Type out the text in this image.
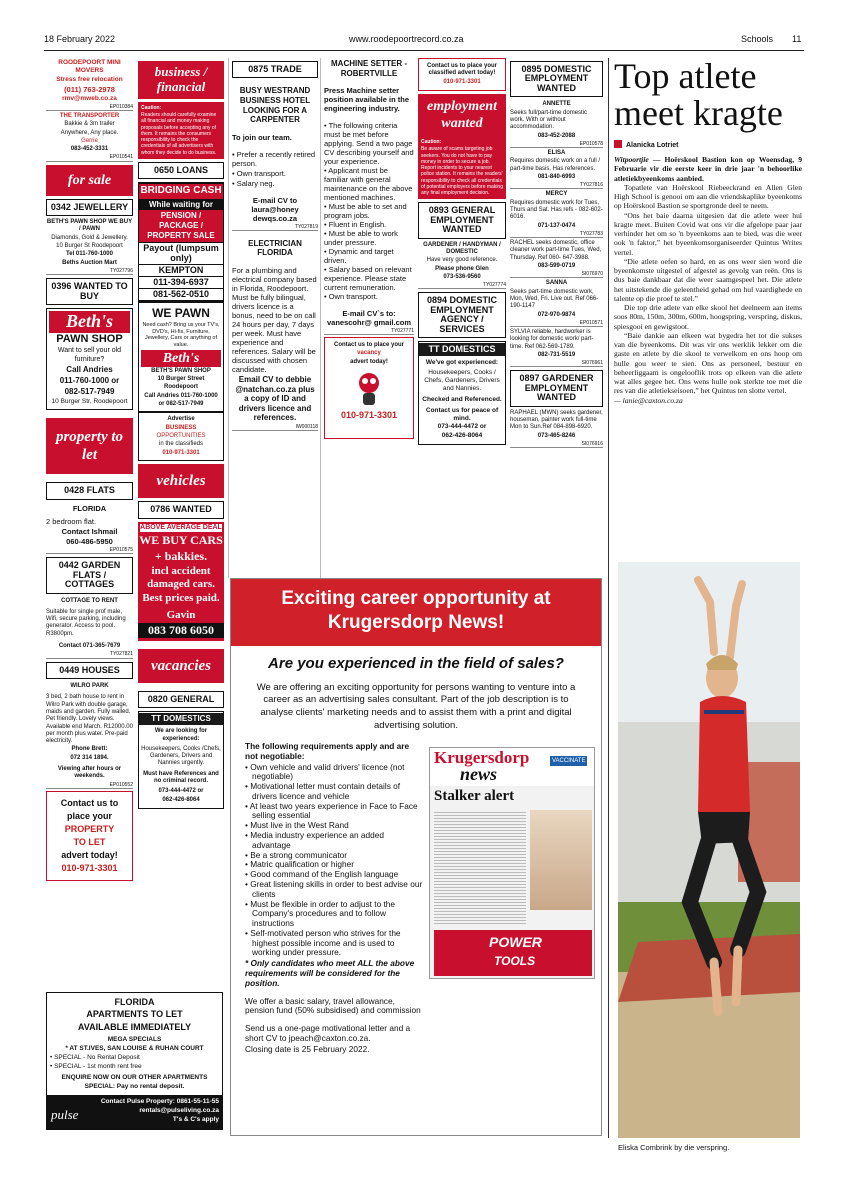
18 February 2022	www.roodepoortrecord.co.za	Schools 11

ROODEPOORT MINI MOVERS

Stress free relocation

(011) 763-2978

rmv@mweb.co.za

EP010384

THE TRANSPORTER

Bakkie & 3m trailer

Anywhere, Any place.

Gerrie

083-452-3331

EP010541
for sale
0342 JEWELLERY

BETH'S PAWN SHOP WE BUY / PAWN

Diamonds, Gold & Jewellery.

10 Burger St Roodepoort

Tel 011-760-1000

Beths Auction Mart

TY027796
0396 WANTED TO BUY
Beth's
PAWN SHOP

Want to sell your old furniture?

Call Andries

011-760-1000 or

082-517-7949

10 Burger Str, Roodepoort

property to let
0428 FLATS

FLORIDA

2 bedroom flat.

Contact Ishmail

060-486-5950

EP010575
0442 GARDEN FLATS / COTTAGES

COTTAGE TO RENT

Suitable for single prof male, Wifi, secure parking, including generator. Access to pool. R3800pm.

Contact 071-365-7679

TY027821
0449 HOUSES

WILRO PARK

3 bed, 2 bath house to rent in Wilro Park with double garage, maids and garden. Fully walled. Pet friendly. Lovely views. Available end March. R12000.00 per month plus water. Pre-paid electricity.

Phone Brett:

072 314 1894.

Viewing after hours or weekends.

EP010552

Contact us to

place your

PROPERTY

TO LET

advert today!

010-971-3301

business / financial

Caution:

Readers should carefully examine all financial and money making proposals before accepting any of them. It remains the consumers responsibility to check the credentials of all advertisers with whom they decide to do business.

0650 LOANS

BRIDGING CASH

While waiting for

PENSION / PACKAGE / PROPERTY SALE

Payout (lumpsum only)

KEMPTON

011-394-6937

081-562-0510

WE PAWN

Need cash? Bring us your TV's, DVD's, Hi-fis, Furniture, Jewellery, Cars or anything of value.

Beth's

BETH'S PAWN SHOP

10 Burger Street

Roodepoort

Call Andries 011-760-1000

or 082-517-7949

Advertise

BUSINESS

OPPORTUNITIES

in the classifieds

010-971-3301

vehicles
0786 WANTED

ABOVE AVERAGE DEAL

WE BUY CARS

+ bakkies.

incl accident damaged cars.

Best prices paid.

Gavin

083 708 6050

vacancies
0820 GENERAL

TT DOMESTICS

We are looking for experienced:

Housekeepers, Cooks /Chefs, Gardeners, Drivers and Nannies urgently.

Must have References and no criminal record.

073-444-4472 or

062-426-8064

FLORIDA

APARTMENTS TO LET

AVAILABLE IMMEDIATELY

MEGA SPECIALS

* AT ST.IVES, SAN LOUISE & RUHAN COURT

• SPECIAL - No Rental Deposit

• SPECIAL - 1st month rent free

ENQUIRE NOW ON OUR OTHER APARTMENTS

SPECIAL: Pay no rental deposit.

Contact Pulse Property: 0861-55-11-55

pulse	rentals@pulseliving.co.za

T's & C's apply

0875 TRADE

BUSY WESTRAND BUSINESS HOTEL LOOKING FOR A CARPENTER

To join our team.

• Prefer a recently retired person.

• Own transport.

• Salary neg.

E-mail CV to laura@honey dewqs.co.za

TY027819

ELECTRICIAN FLORIDA

For a plumbing and electrical company based in Florida, Roodepoort. Must be fully bilingual, drivers licence is a bonus, need to be on call 24 hours per day, 7 days per week. Must have experience and references. Salary will be discussed with chosen candidate.

Email CV to debbie @natchan.co.za plus a copy of ID and drivers licence and references.

IW000118

MACHINE SETTER - ROBERTVILLE

Press Machine setter position available in the engineering industry.

• The following criteria must be met before applying. Send a two page CV describing yourself and your experience.
• Applicant must be familiar with general maintenance on the above mentioned machines.
• Must be able to set and program jobs.
• Fluent in English.
• Must be able to work under pressure.
• Dynamic and target driven.
• Salary based on relevant experience. Please state current remuneration.
• Own transport.

E-mail CV`s to: vanescohr@ gmail.com

TY027771

Contact us to place your

vacancy

advert today!

010-971-3301

Contact us to place your classified advert today!

010-971-3301

employment wanted

Caution:

Be aware of scams targeting job seekers. You do not have to pay money in order to secure a job. Report incidents to your nearest police station. It remains the readers' responsibility to check all credentials of potential employers before making any final employment decision.

0893 GENERAL EMPLOYMENT WANTED

GARDENER / HANDYMAN / DOMESTIC

Have very good reference.

Please phone Glen

073-536-9560

TY027774
0894 DOMESTIC EMPLOYMENT AGENCY / SERVICES

TT DOMESTICS

We've got experienced:

Housekeepers, Cooks / Chefs, Gardeners, Drivers and Nannies.

Checked and Referenced.

Contact us for peace of mind.

073-444-4472 or

062-426-8064

0895 DOMESTIC EMPLOYMENT WANTED

ANNETTE

Seeks full/part-time domestic work. With or without accommodation.

083-452-2088

EP010578

ELISA

Requires domestic work on a full / part-time basis. Has references.

081-840-6993

TY027816

MERCY

Requires domestic work for Tues, Thurs and Sat. Has refs - 082-602-6016.

071-137-0474

TY027783

RACHEL seeks domestic, office cleaner work part-time Tues, Wed, Thursday. Ref 060- 647-3988.

083-599-0719

SI076970

SANNA

Seeks part-time domestic work, Mon, Wed, Fri. Live out. Ref 066-190-1147

072-970-9874

EP010571

SYLVIA reliable, hardworker is looking for domestic work/ part-time. Ref 062-569-1789.

082-731-5519

SI076961
0897 GARDENER EMPLOYMENT WANTED

RAPHAEL (MWN) seeks gardener, houseman, painter work full-time Mon to Sun.Ref 084-898-6920.

073-465-8246

SI076916

Exciting career opportunity at

Krugersdorp News!

Are you experienced in the field of sales?

We are offering an exciting opportunity for persons wanting to venture into a career as an advertising sales consultant. Part of the job description is to analyse clients' marketing needs and to assist them with a print and digital advertising solution.

The following requirements apply and are not negotiable:

• Own vehicle and valid drivers' licence (not negotiable)
• Motivational letter must contain details of drivers licence and vehicle
• At least two years experience in Face to Face selling essential
• Must live in the West Rand
• Media industry experience an added advantage
• Be a strong communicator
• Matric qualification or higher
• Good command of the English language
• Great listening skills in order to best advise our clients
• Must be flexible in order to adjust to the Company's procedures and to follow instructions
• Self-motivated person who strives for the highest possible income and is used to working under pressure.

* Only candidates who meet ALL the above requirements will be considered for the position.

We offer a basic salary, travel allowance, pension fund (50% subsidised) and commission

Send us a one-page motivational letter and a short CV to jpeach@caxton.co.za.

Closing date is 25 February 2022.

Krugersdorp
news
VACCINATE
Stalker alert
POWER
TOOLS
Top atlete meet kragte
Alanicka Lotriet
Witpoortjie — Hoërskool Bastion kon op Woensdag, 9 Februarie vir die eerste keer in drie jaar 'n behoorlike atletiekbyeenkoms aanbied.

Topatlete van Hoërskool Riebeeckrand en Allen Glen High School is genooi om aan die vriendskaplike byeenkoms op Hoërskool Bastion se sportgronde deel te neem.

“Ons het baie daarna uitgesien dat die atlete weer hul kragte meet. Buiten Covid wat ons vir die afgelope paar jaar verhinder het om so 'n byeenkoms aan te bied, was die weer ook 'n faktor,” het byeenkomsorganiseerder Quintus Writes vertel.

“Die atlete oefen so hard, en as ons weer sien word die byeenkomste uitgestel of afgestel as gevolg van reën. Ons is dus baie dankbaar dat die weer saamgespeel het. Die atlete het uitstekende die geleentheid gehad om hul vaardighede en talente op die proef te stel.”

Die top drie atlete van elke skool het deelneem aan items soos 80m, 150m, 300m, 600m, hoogspring, verspring, diskus, spiesgooi en gewigstoot.

“Baie dankie aan elkeen wat bygedra het tot die sukses van die byeenkoms. Dit was vir ons werklik lekker om die gaste en atlete by die skool te verwelkom en ons hoop om hulle gou weer te sien. Ons as personeel, bestuur en beheerliggaam is ongelooflik trots op elkeen van die atlete wat alles gegee het. Ons wens hulle ook sterkte toe met die res van die atletiekseisoen,” het Quintus ten slotte vertel.

— lanie@caxton.co.za

Eliska Combrink by die verspring.
